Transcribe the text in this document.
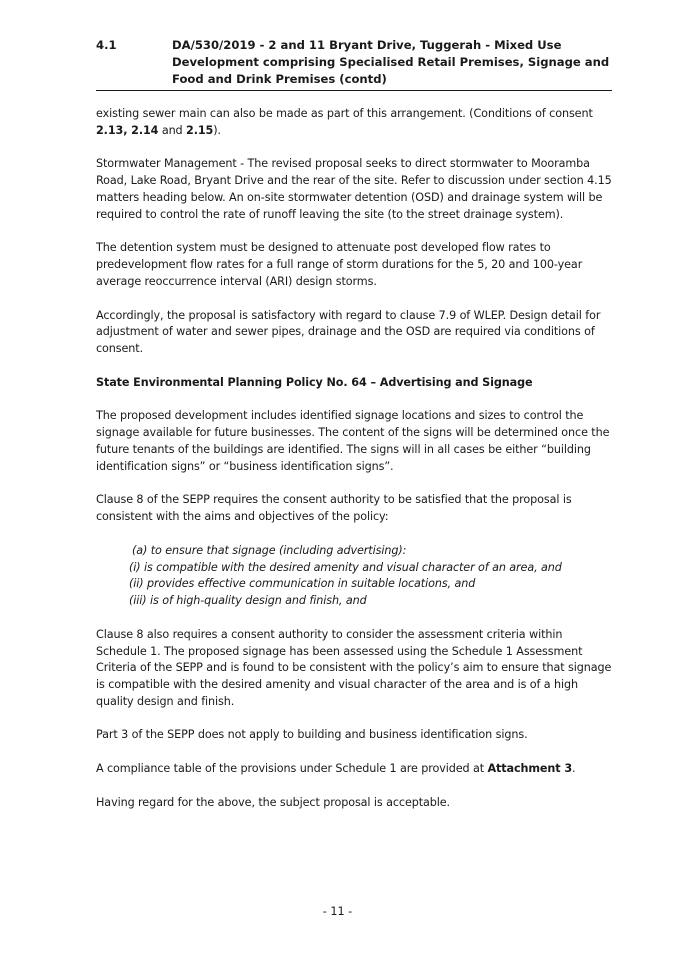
4.1	DA/530/2019 - 2 and 11 Bryant Drive, Tuggerah - Mixed Use Development comprising Specialised Retail Premises, Signage and Food and Drink Premises (contd)

existing sewer main can also be made as part of this arrangement. (Conditions of consent 2.13, 2.14 and 2.15).

Stormwater Management - The revised proposal seeks to direct stormwater to Mooramba Road, Lake Road, Bryant Drive and the rear of the site. Refer to discussion under section 4.15 matters heading below. An on-site stormwater detention (OSD) and drainage system will be required to control the rate of runoff leaving the site (to the street drainage system).

The detention system must be designed to attenuate post developed flow rates to predevelopment flow rates for a full range of storm durations for the 5, 20 and 100-year average reoccurrence interval (ARI) design storms.

Accordingly, the proposal is satisfactory with regard to clause 7.9 of WLEP. Design detail for adjustment of water and sewer pipes, drainage and the OSD are required via conditions of consent.

State Environmental Planning Policy No. 64 – Advertising and Signage

The proposed development includes identified signage locations and sizes to control the signage available for future businesses. The content of the signs will be determined once the future tenants of the buildings are identified. The signs will in all cases be either “building identification signs” or “business identification signs”.

Clause 8 of the SEPP requires the consent authority to be satisfied that the proposal is consistent with the aims and objectives of the policy:

(a) to ensure that signage (including advertising):
(i) is compatible with the desired amenity and visual character of an area, and
(ii) provides effective communication in suitable locations, and
(iii) is of high-quality design and finish, and

Clause 8 also requires a consent authority to consider the assessment criteria within Schedule 1. The proposed signage has been assessed using the Schedule 1 Assessment Criteria of the SEPP and is found to be consistent with the policy’s aim to ensure that signage is compatible with the desired amenity and visual character of the area and is of a high quality design and finish.

Part 3 of the SEPP does not apply to building and business identification signs.

A compliance table of the provisions under Schedule 1 are provided at Attachment 3.

Having regard for the above, the subject proposal is acceptable.

- 11 -
